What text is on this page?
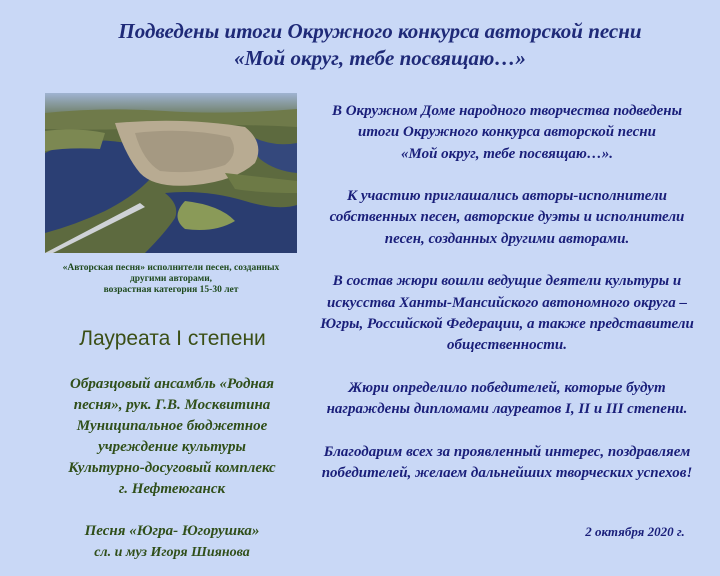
Подведены итоги Окружного конкурса авторской песни
«Мой округ, тебе посвящаю…»
«Авторская песня» исполнители песен, созданных
другими авторами,
возрастная категория 15-30 лет
Лауреата I степени
Образцовый ансамбль «Родная
песня», рук. Г.В. Москвитина
Муниципальное бюджетное
учреждение культуры
Культурно-досуговый комплекс
г. Нефтеюганск
Песня «Югра- Югорушка»
сл. и муз Игоря Шиянова
В Окружном Доме народного творчества подведены
итоги Окружного конкурса авторской песни
«Мой округ, тебе посвящаю…».
К участию приглашались авторы-исполнители
собственных песен, авторские дуэты и исполнители
песен, созданных другими авторами.
В состав жюри вошли ведущие деятели культуры и
искусства Ханты-Мансийского автономного округа –
Югры, Российской Федерации, а также представители
общественности.
Жюри определило победителей, которые будут
награждены дипломами лауреатов I, II и III степени.
Благодарим всех за проявленный интерес, поздравляем
победителей, желаем дальнейших творческих успехов!
2 октября 2020 г.
